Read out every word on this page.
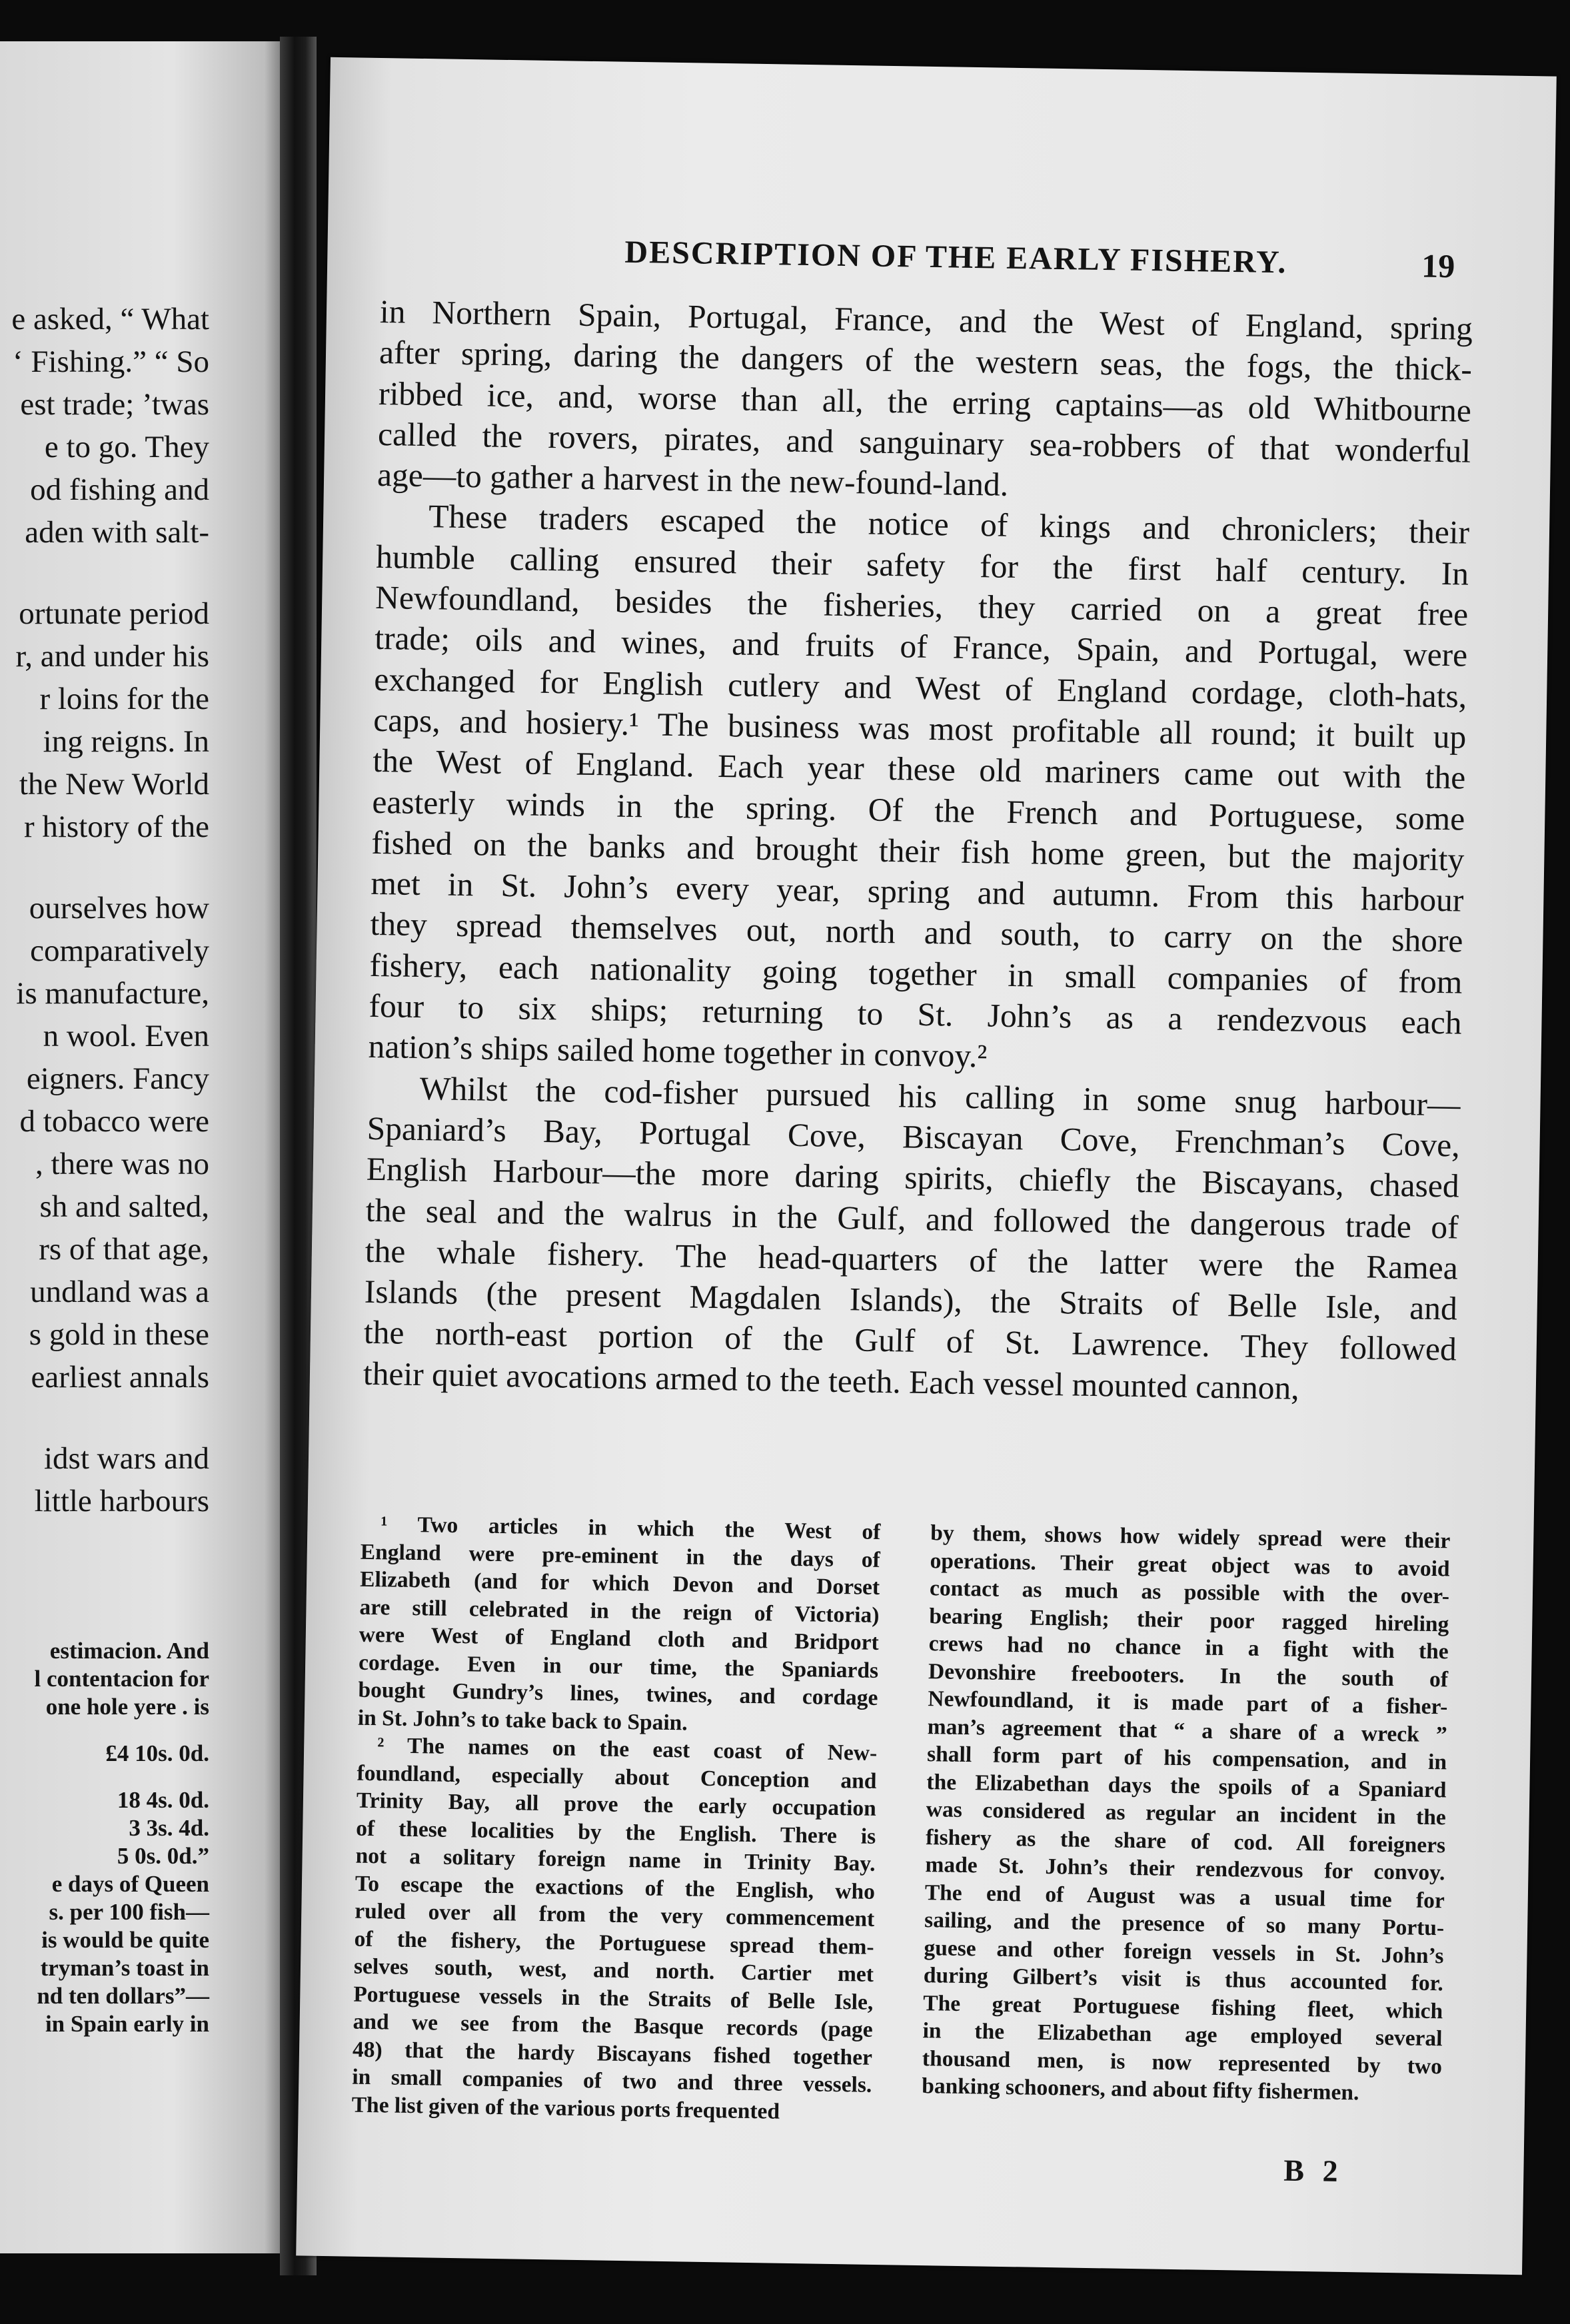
e asked, “ What
‘ Fishing.” “ So
est trade; ’twas
e to go. They
od fishing and
aden with salt-
ortunate period
r, and under his
r loins for the
ing reigns. In
the New World
r history of the
ourselves how
comparatively
is manufacture,
n wool. Even
eigners. Fancy
d tobacco were
, there was no
sh and salted,
rs of that age,
undland was a
s gold in these
earliest annals
idst wars and
little harbours
estimacion. And
l contentacion for
one hole yere . is
£4 10s. 0d.
18 4s. 0d.
3 3s. 4d.
5 0s. 0d.”
e days of Queen
s. per 100 fish—
is would be quite
tryman’s toast in
nd ten dollars”—
in Spain early in
DESCRIPTION OF THE EARLY FISHERY.	19
in Northern Spain, Portugal, France, and the West of England, spring
after spring, daring the dangers of the western seas, the fogs, the thick-
ribbed ice, and, worse than all, the erring captains—as old Whitbourne
called the rovers, pirates, and sanguinary sea-robbers of that wonderful
age—to gather a harvest in the new-found-land.
These traders escaped the notice of kings and chroniclers; their
humble calling ensured their safety for the first half century. In
Newfoundland, besides the fisheries, they carried on a great free
trade; oils and wines, and fruits of France, Spain, and Portugal, were
exchanged for English cutlery and West of England cordage, cloth-hats,
caps, and hosiery.¹ The business was most profitable all round; it built up
the West of England. Each year these old mariners came out with the
easterly winds in the spring. Of the French and Portuguese, some
fished on the banks and brought their fish home green, but the majority
met in St. John’s every year, spring and autumn. From this harbour
they spread themselves out, north and south, to carry on the shore
fishery, each nationality going together in small companies of from
four to six ships; returning to St. John’s as a rendezvous each
nation’s ships sailed home together in convoy.²
Whilst the cod-fisher pursued his calling in some snug harbour—
Spaniard’s Bay, Portugal Cove, Biscayan Cove, Frenchman’s Cove,
English Harbour—the more daring spirits, chiefly the Biscayans, chased
the seal and the walrus in the Gulf, and followed the dangerous trade of
the whale fishery. The head-quarters of the latter were the Ramea
Islands (the present Magdalen Islands), the Straits of Belle Isle, and
the north-east portion of the Gulf of St. Lawrence. They followed
their quiet avocations armed to the teeth. Each vessel mounted cannon,
¹ Two articles in which the West of
England were pre-eminent in the days of
Elizabeth (and for which Devon and Dorset
are still celebrated in the reign of Victoria)
were West of England cloth and Bridport
cordage. Even in our time, the Spaniards
bought Gundry’s lines, twines, and cordage
in St. John’s to take back to Spain.
² The names on the east coast of New-
foundland, especially about Conception and
Trinity Bay, all prove the early occupation
of these localities by the English. There is
not a solitary foreign name in Trinity Bay.
To escape the exactions of the English, who
ruled over all from the very commencement
of the fishery, the Portuguese spread them-
selves south, west, and north. Cartier met
Portuguese vessels in the Straits of Belle Isle,
and we see from the Basque records (page
48) that the hardy Biscayans fished together
in small companies of two and three vessels.
The list given of the various ports frequented
by them, shows how widely spread were their
operations. Their great object was to avoid
contact as much as possible with the over-
bearing English; their poor ragged hireling
crews had no chance in a fight with the
Devonshire freebooters. In the south of
Newfoundland, it is made part of a fisher-
man’s agreement that “ a share of a wreck ”
shall form part of his compensation, and in
the Elizabethan days the spoils of a Spaniard
was considered as regular an incident in the
fishery as the share of cod. All foreigners
made St. John’s their rendezvous for convoy.
The end of August was a usual time for
sailing, and the presence of so many Portu-
guese and other foreign vessels in St. John’s
during Gilbert’s visit is thus accounted for.
The great Portuguese fishing fleet, which
in the Elizabethan age employed several
thousand men, is now represented by two
banking schooners, and about fifty fishermen.
B 2
